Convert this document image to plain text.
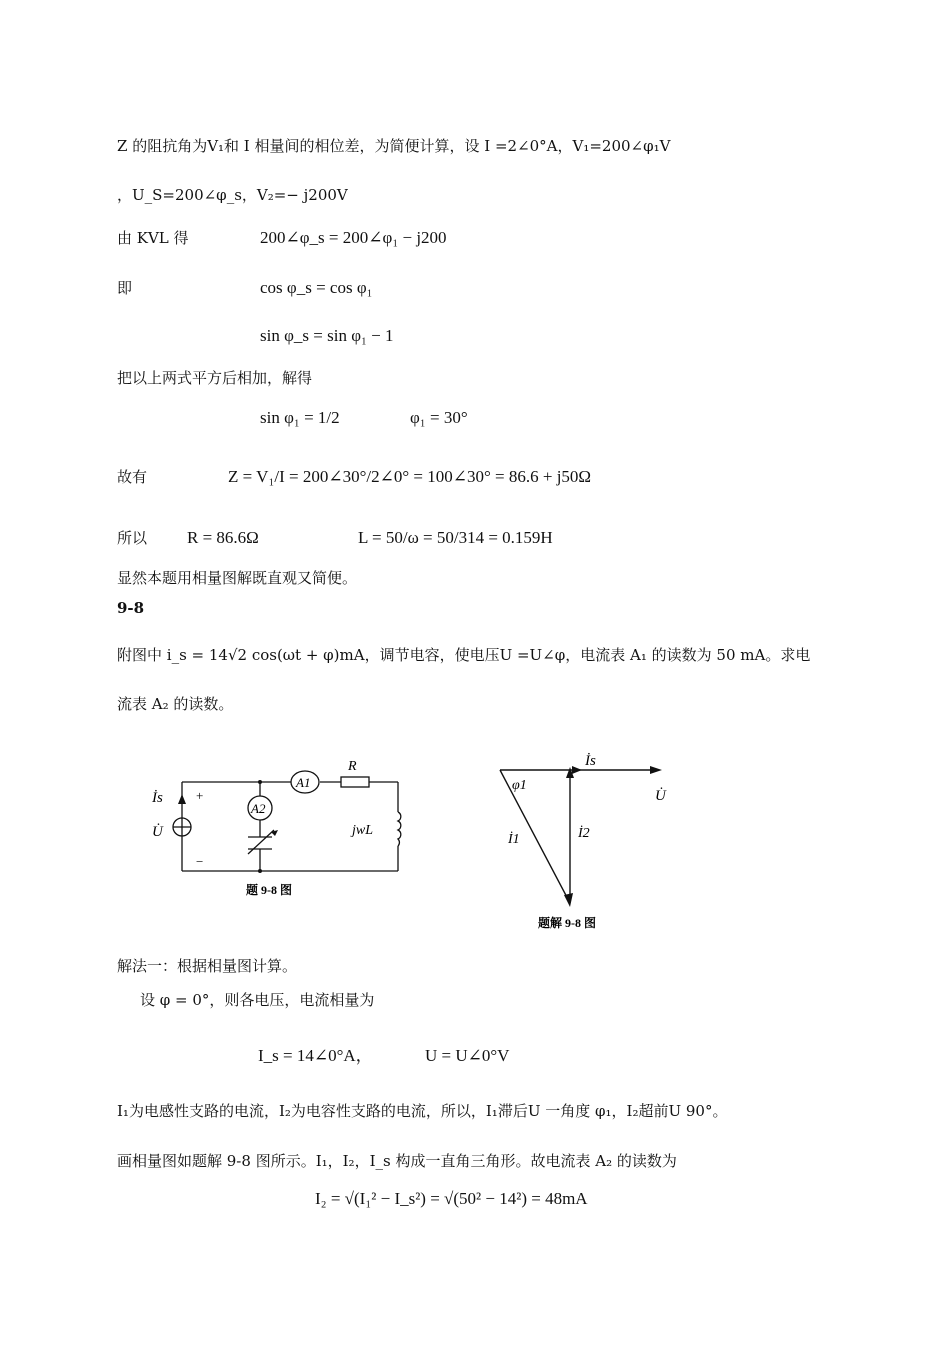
Z 的阻抗角为V₁和 I 相量间的相位差，为简便计算，设 I =2∠0°A，V₁=200∠φ₁V
，U_S=200∠φ_s，V₂=− j200V
由 KVL 得	200∠φ_s = 200∠φ₁ − j200
即	cos φ_s = cos φ₁
sin φ_s = sin φ₁ − 1
把以上两式平方后相加，解得
sin φ₁ = 1/2	φ₁ = 30°
故有	Z = V₁/I = 200∠30°/2∠0° = 100∠30° = 86.6 + j50Ω
所以 R = 86.6Ω	L = 50/ω = 50/314 = 0.159H
显然本题用相量图解既直观又简便。
9-8
附图中 i_s = 14√2 cos(ωt + φ)mA，调节电容，使电压U =U∠φ，电流表 A₁ 的读数为 50 mA。求电
流表 A₂ 的读数。
İs	+
U̇
−
A1
A2
R
jwL
题 9-8 图
İs
U̇
φ1
İ1	İ2
题解 9-8 图
解法一：根据相量图计算。
设 φ = 0°，则各电压，电流相量为
I_s = 14∠0°A，	U = U∠0°V
I₁为电感性支路的电流，I₂为电容性支路的电流，所以，I₁滞后U 一角度 φ₁，I₂超前U 90°。
画相量图如题解 9-8 图所示。I₁，I₂，I_s 构成一直角三角形。故电流表 A₂ 的读数为
I₂ = √(I₁² − I_s²) = √(50² − 14²) = 48mA
